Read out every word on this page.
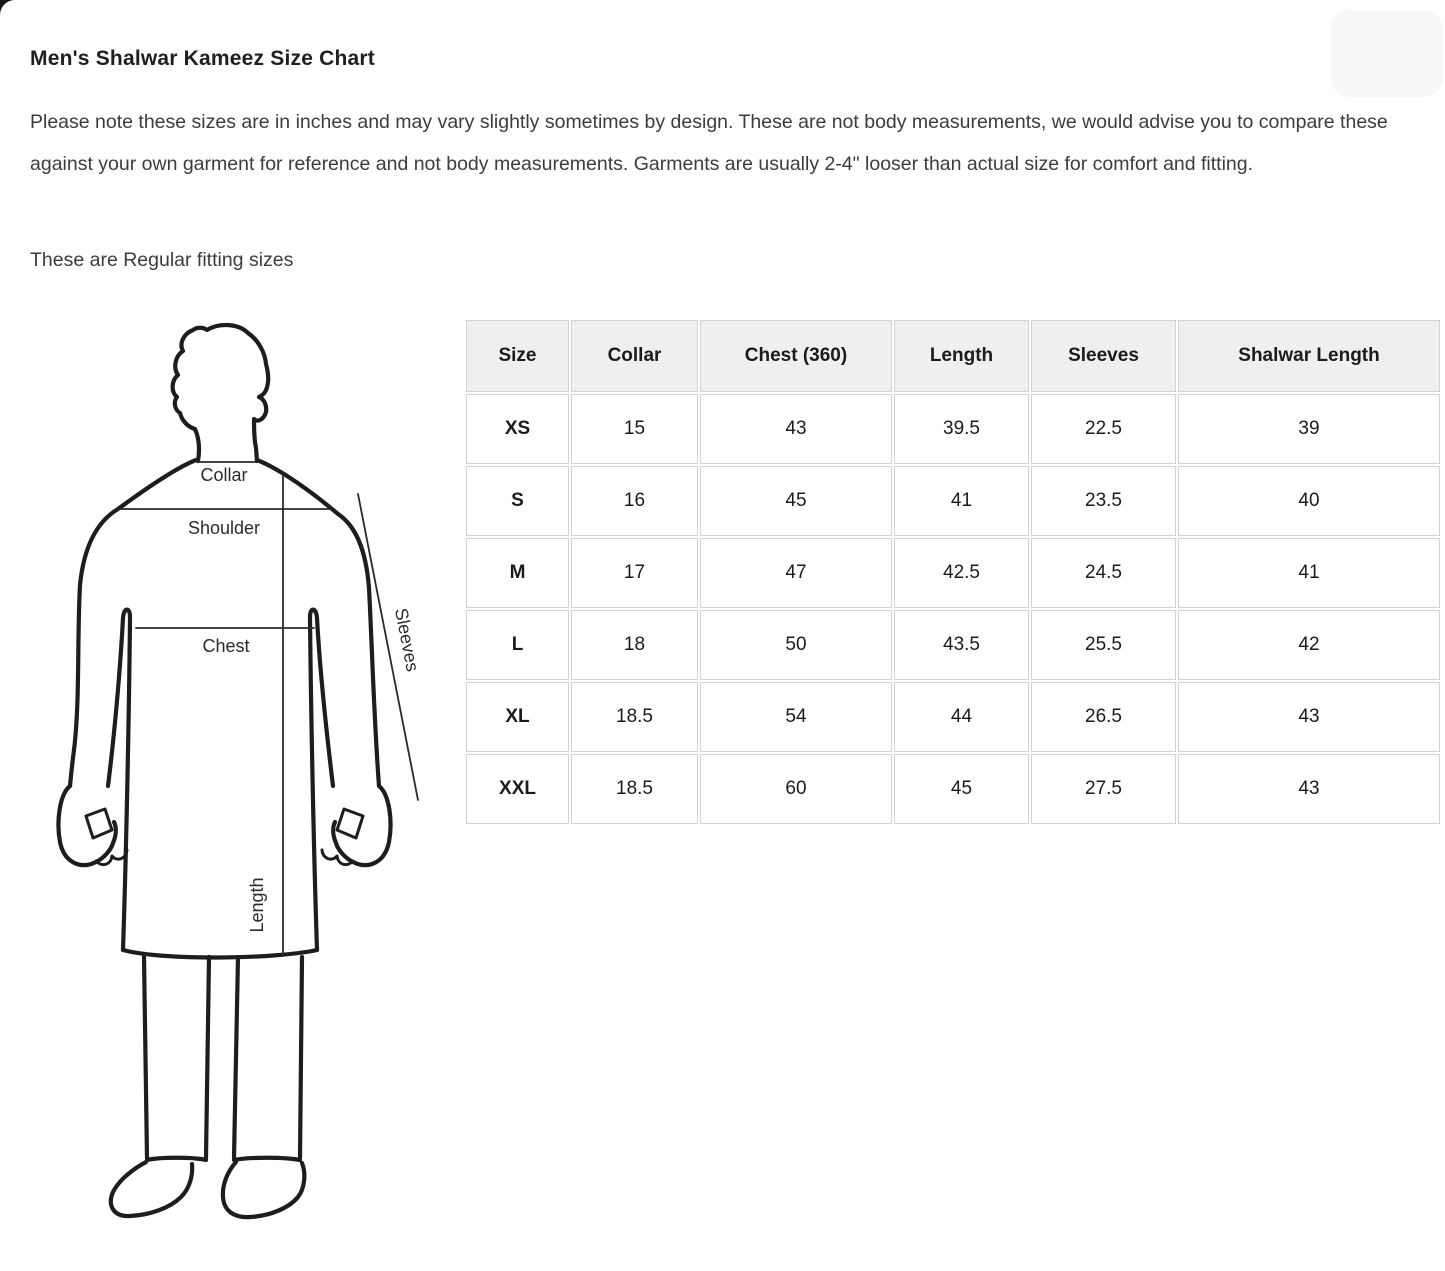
Men's Shalwar Kameez Size Chart
Please note these sizes are in inches and may vary slightly sometimes by design. These are not body measurements, we would advise you to compare these against your own garment for reference and not body measurements. Garments are usually 2-4" looser than actual size for comfort and fitting.
These are Regular fitting sizes
Collar
Shoulder
Chest	Sleeves
Length
Size	Collar	Chest (360)	Length	Sleeves	Shalwar Length
XS	15	43	39.5	22.5	39
S	16	45	41	23.5	40
M	17	47	42.5	24.5	41
L	18	50	43.5	25.5	42
XL	18.5	54	44	26.5	43
XXL	18.5	60	45	27.5	43
